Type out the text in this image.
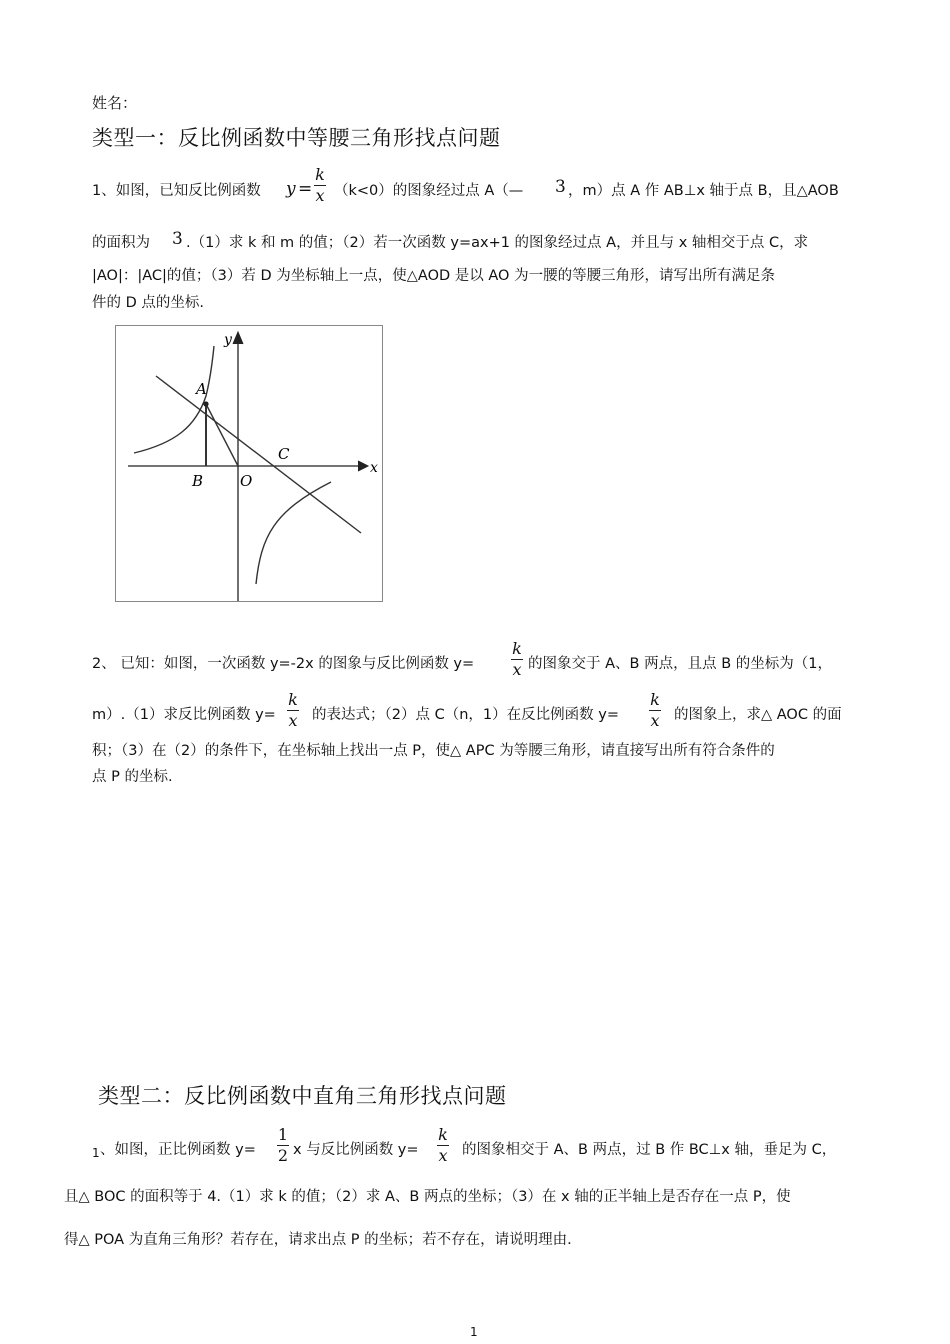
姓名：
类型一：反比例函数中等腰三角形找点问题
1、如图，已知反比例函数 y =
k
x （k<0）的图象经过点 A（— 3 ，m）点 A 作 AB⊥x 轴于点 B，且△AOB
的面积为 3 .（1）求 k 和 m 的值；（2）若一次函数 y=ax+1 的图象经过点 A，并且与 x 轴相交于点 C，求
|AO|：|AC|的值；（3）若 D 为坐标轴上一点，使△AOD 是以 AO 为一腰的等腰三角形，请写出所有满足条
件的 D 点的坐标.
y
x
A
B O
C
2、 已知：如图，一次函数 y=-2x 的图象与反比例函数 y=
k
x 的图象交于 A、B 两点，且点 B 的坐标为（1，
m）.（1）求反比例函数 y=
k
x 的表达式；（2）点 C（n，1）在反比例函数 y=
k
x 的图象上，求△ AOC 的面
积；（3）在（2）的条件下，在坐标轴上找出一点 P，使△ APC 为等腰三角形，请直接写出所有符合条件的
点 P 的坐标.
类型二：反比例函数中直角三角形找点问题
1 、如图，正比例函数 y=
1
2 x 与反比例函数 y=
k
x 的图象相交于 A、B 两点，过 B 作 BC⊥x 轴，垂足为 C，
且△ BOC 的面积等于 4.（1）求 k 的值；（2）求 A、B 两点的坐标；（3）在 x 轴的正半轴上是否存在一点 P，使
得△ POA 为直角三角形？若存在，请求出点 P 的坐标；若不存在，请说明理由.
1
